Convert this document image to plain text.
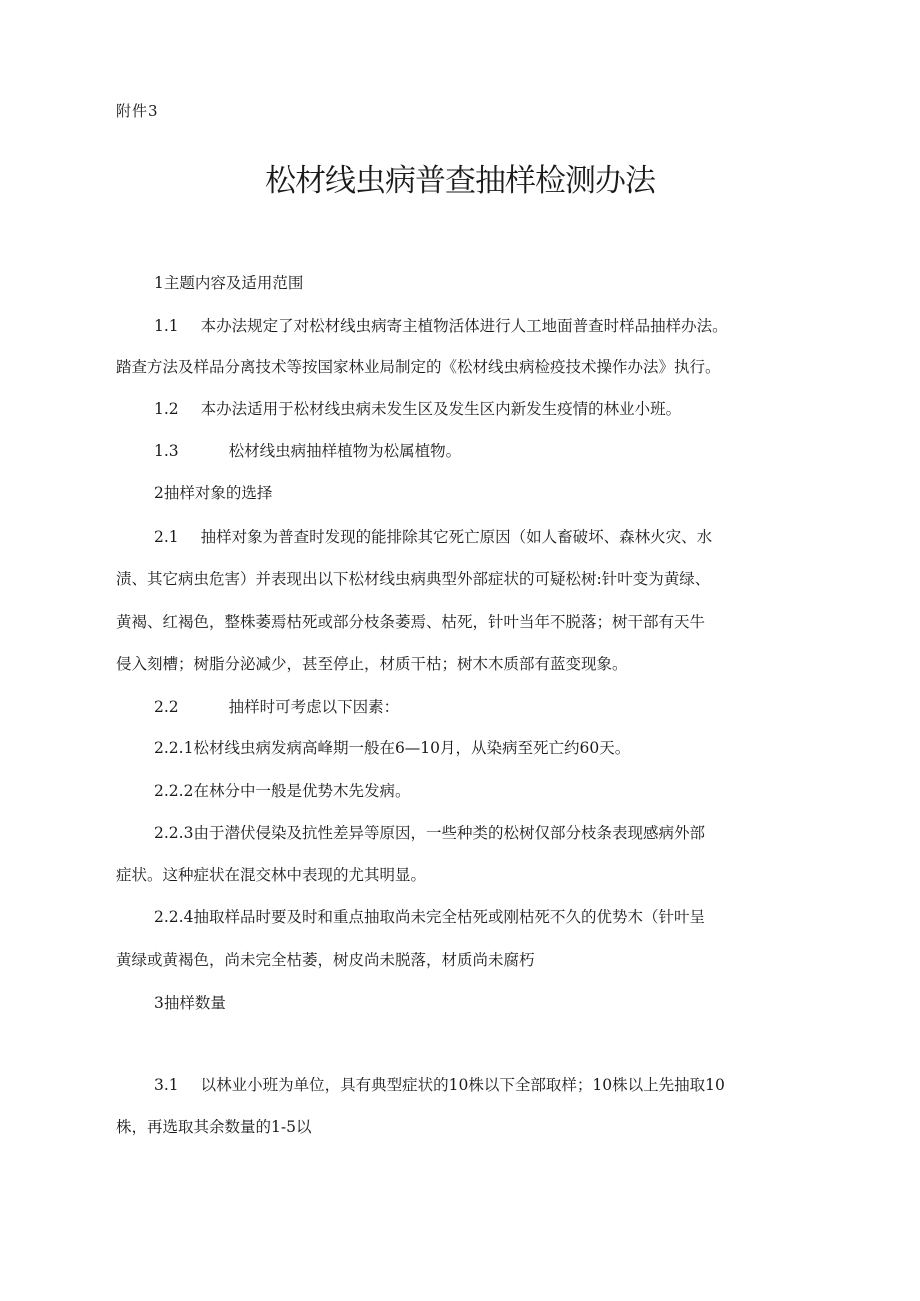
附件3
松材线虫病普查抽样检测办法
1主题内容及适用范围
1.1 本办法规定了对松材线虫病寄主植物活体进行人工地面普查时样品抽样办法。
踏查方法及样品分离技术等按国家林业局制定的《松材线虫病检疫技术操作办法》执行。
1.2 本办法适用于松材线虫病未发生区及发生区内新发生疫情的林业小班。
1.3	松材线虫病抽样植物为松属植物。
2抽样对象的选择
2.1 抽样对象为普查时发现的能排除其它死亡原因（如人畜破坏、森林火灾、水
渍、其它病虫危害）并表现出以下松材线虫病典型外部症状的可疑松树:针叶变为黄绿、
黄褐、红褐色，整株萎焉枯死或部分枝条萎焉、枯死，针叶当年不脱落；树干部有天牛
侵入刻槽；树脂分泌减少，甚至停止，材质干枯；树木木质部有蓝变现象。
2.2	抽样时可考虑以下因素：
2.2.1松材线虫病发病高峰期一般在6—10月，从染病至死亡约60天。
2.2.2在林分中一般是优势木先发病。
2.2.3由于潜伏侵染及抗性差异等原因，一些种类的松树仅部分枝条表现感病外部
症状。这种症状在混交林中表现的尤其明显。
2.2.4抽取样品时要及时和重点抽取尚未完全枯死或刚枯死不久的优势木（针叶呈
黄绿或黄褐色，尚未完全枯萎，树皮尚未脱落，材质尚未腐朽
3抽样数量
3.1 以林业小班为单位，具有典型症状的10株以下全部取样；10株以上先抽取10
株，再选取其余数量的1-5以
